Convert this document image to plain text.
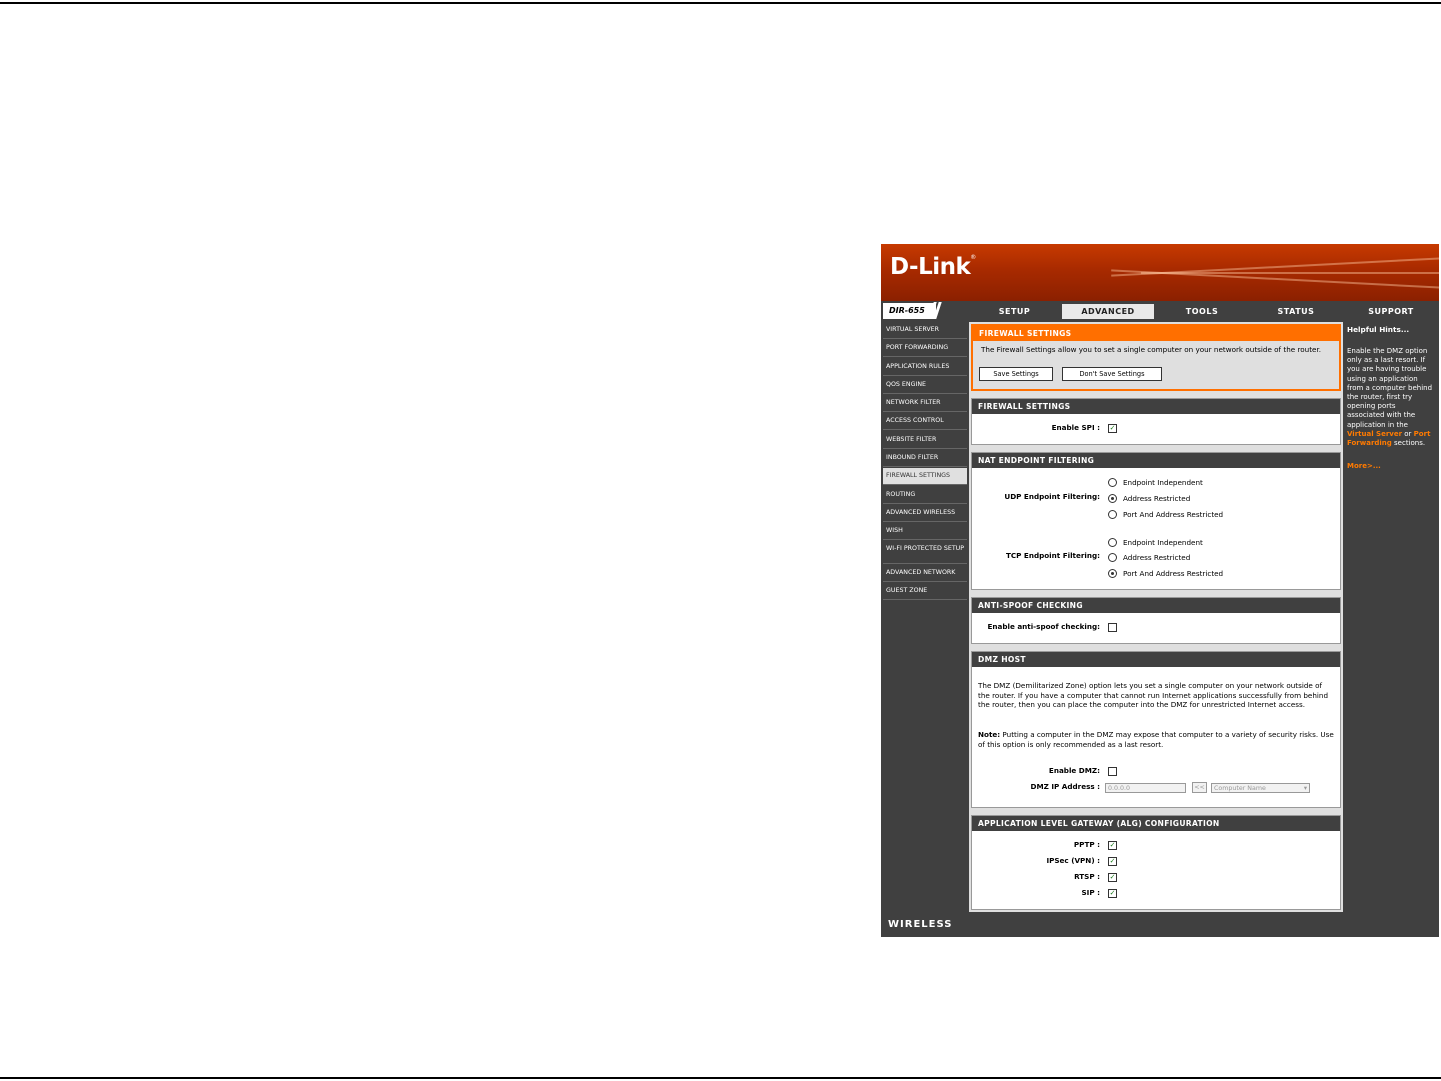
D-Link®
DIR-655	SETUP	ADVANCED	TOOLS	STATUS	SUPPORT
VIRTUAL SERVER
PORT FORWARDING
APPLICATION RULES
QOS ENGINE
NETWORK FILTER
ACCESS CONTROL
WEBSITE FILTER
INBOUND FILTER
FIREWALL SETTINGS
ROUTING
ADVANCED WIRELESS
WISH
WI-FI PROTECTED SETUP
ADVANCED NETWORK
GUEST ZONE
FIREWALL SETTINGS
The Firewall Settings allow you to set a single computer on your network outside of the router.
Save Settings	Don't Save Settings
FIREWALL SETTINGS
Enable SPI : ✓
NAT ENDPOINT FILTERING
UDP Endpoint Filtering:
Endpoint Independent
Address Restricted
Port And Address Restricted
TCP Endpoint Filtering:
Endpoint Independent
Address Restricted
Port And Address Restricted
ANTI-SPOOF CHECKING
Enable anti-spoof checking:
DMZ HOST
The DMZ (Demilitarized Zone) option lets you set a single computer on your network outside of the router. If you have a computer that cannot run Internet applications successfully from behind the router, then you can place the computer into the DMZ for unrestricted Internet access.
Note: Putting a computer in the DMZ may expose that computer to a variety of security risks. Use of this option is only recommended as a last resort.
Enable DMZ:
DMZ IP Address :	0.0.0.0	<<	Computer Name	▾
APPLICATION LEVEL GATEWAY (ALG) CONFIGURATION
PPTP : ✓
IPSec (VPN) : ✓
RTSP : ✓
SIP : ✓
Helpful Hints...
Enable the DMZ option only as a last resort. If you are having trouble using an application from a computer behind the router, first try opening ports associated with the application in the Virtual Server or Port Forwarding sections.
More>...
WIRELESS
